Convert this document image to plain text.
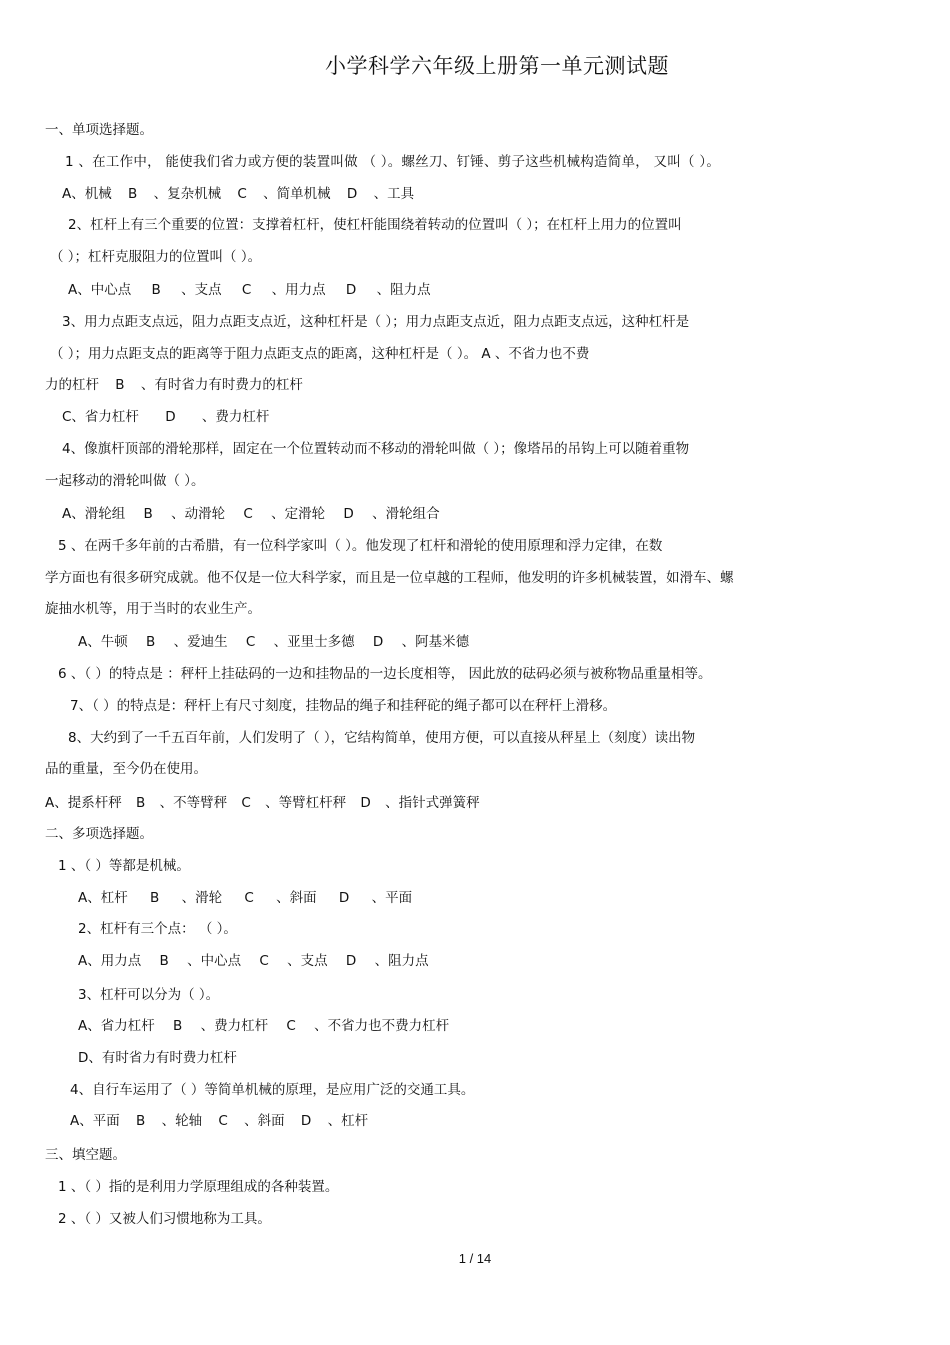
小学科学六年级上册第一单元测试题
一、单项选择题。
1 、在工作中， 能使我们省力或方便的装置叫做 （ ）。螺丝刀、钉锤、剪子这些机械构造简单， 又叫（ ）。
A、机械 B 、复杂机械 C 、简单机械 D 、工具
2、杠杆上有三个重要的位置：支撑着杠杆，使杠杆能围绕着转动的位置叫（ ）；在杠杆上用力的位置叫
（ ）；杠杆克服阻力的位置叫（ ）。
A、中心点 B 、支点 C 、用力点 D 、阻力点
3、用力点距支点远，阻力点距支点近，这种杠杆是（ ）；用力点距支点近，阻力点距支点远，这种杠杆是
（ ）；用力点距支点的距离等于阻力点距支点的距离，这种杠杆是（ ）。 A 、不省力也不费
力的杠杆 B 、有时省力有时费力的杠杆
C、省力杠杆 D 、费力杠杆
4、像旗杆顶部的滑轮那样，固定在一个位置转动而不移动的滑轮叫做（ ）；像塔吊的吊钩上可以随着重物
一起移动的滑轮叫做（ ）。
A、滑轮组 B 、动滑轮 C 、定滑轮 D 、滑轮组合
5 、在两千多年前的古希腊，有一位科学家叫（ ）。他发现了杠杆和滑轮的使用原理和浮力定律，在数
学方面也有很多研究成就。他不仅是一位大科学家，而且是一位卓越的工程师，他发明的许多机械装置，如滑车、螺
旋抽水机等，用于当时的农业生产。
A、牛顿 B 、爱迪生 C 、亚里士多德 D 、阿基米德
6 、（ ）的特点是 ：秤杆上挂砝码的一边和挂物品的一边长度相等， 因此放的砝码必须与被称物品重量相等。
7、（ ）的特点是：秤杆上有尺寸刻度，挂物品的绳子和挂秤砣的绳子都可以在秤杆上滑移。
8、大约到了一千五百年前，人们发明了（ ），它结构简单，使用方便，可以直接从秤星上（刻度）读出物
品的重量，至今仍在使用。
A、提系杆秤 B 、不等臂秤 C 、等臂杠杆秤 D 、指针式弹簧秤
二、多项选择题。
1 、（ ）等都是机械。
A、杠杆 B 、滑轮 C 、斜面 D 、平面
2、杠杆有三个点： （ ）。
A、用力点 B 、中心点 C 、支点 D 、阻力点
3、杠杆可以分为（ ）。
A、省力杠杆 B 、费力杠杆 C 、不省力也不费力杠杆
D、有时省力有时费力杠杆
4、自行车运用了（ ）等简单机械的原理，是应用广泛的交通工具。
A、平面 B 、轮轴 C 、斜面 D 、杠杆
三、填空题。
1 、（ ）指的是利用力学原理组成的各种装置。
2 、（ ）又被人们习惯地称为工具。
1 / 14
